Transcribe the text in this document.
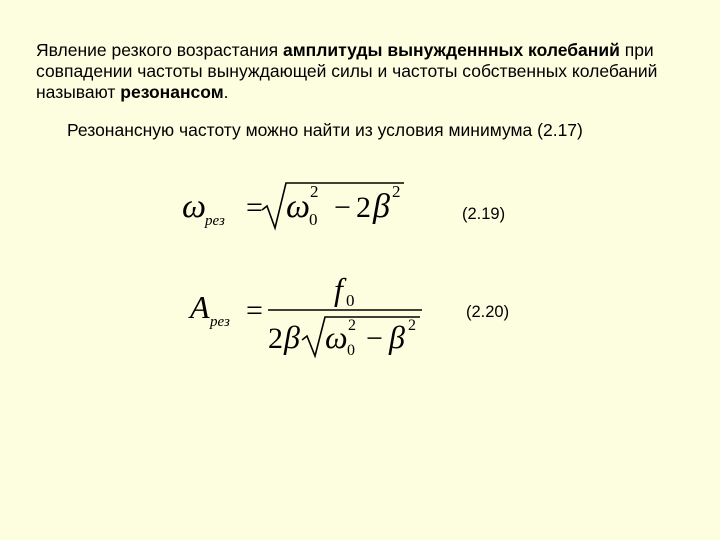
Явление резкого возрастания амплитуды вынужденнных колебаний при совпадении частоты вынуждающей силы и частоты собственных колебаний называют резонансом.
Резонансную частоту можно найти из условия минимума (2.17)
ω
рез = ω
0
2 − 2 β 2
(2.19)
A рез =
f 0
2 β ω 0
2 − β 2
(2.20)
